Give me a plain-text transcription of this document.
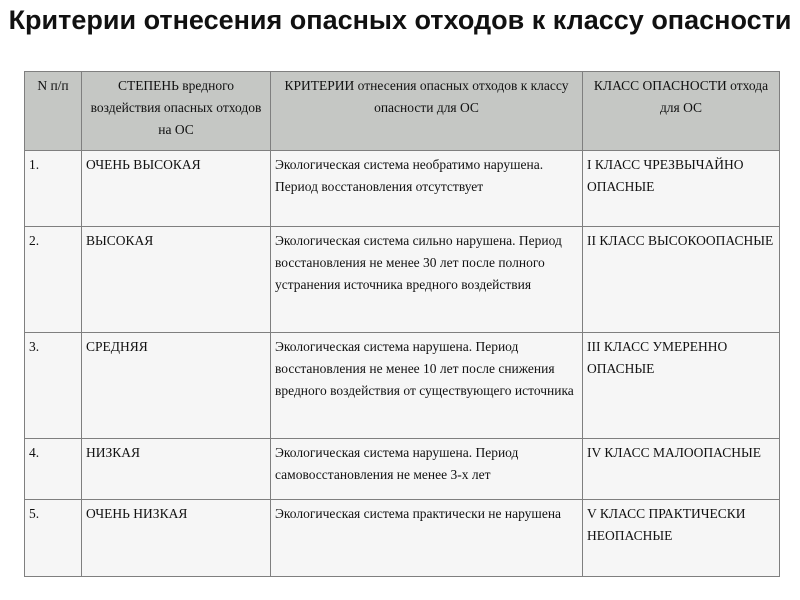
Критерии отнесения опасных отходов к классу опасности
N п/п	СТЕПЕНЬ вредного воздействия опасных отходов на ОС	КРИТЕРИИ отнесения опасных отходов к классу опасности для ОС	КЛАСС ОПАСНОСТИ отхода для ОС
1.	ОЧЕНЬ ВЫСОКАЯ	Экологическая система необратимо нарушена. Период восстановления отсутствует	I КЛАСС ЧРЕЗВЫЧАЙНО ОПАСНЫЕ
2.	ВЫСОКАЯ	Экологическая система сильно нарушена. Период восстановления не менее 30 лет после полного устранения источника вредного воздействия	II КЛАСС ВЫСОКООПАСНЫЕ
3.	СРЕДНЯЯ	Экологическая система нарушена. Период восстановления не менее 10 лет после снижения вредного воздействия от существующего источника	III КЛАСС УМЕРЕННО ОПАСНЫЕ
4.	НИЗКАЯ	Экологическая система нарушена. Период самовосстановления не менее 3-х лет	IV КЛАСС МАЛООПАСНЫЕ
5.	ОЧЕНЬ НИЗКАЯ	Экологическая система практически не нарушена	V КЛАСС ПРАКТИЧЕСКИ НЕОПАСНЫЕ
